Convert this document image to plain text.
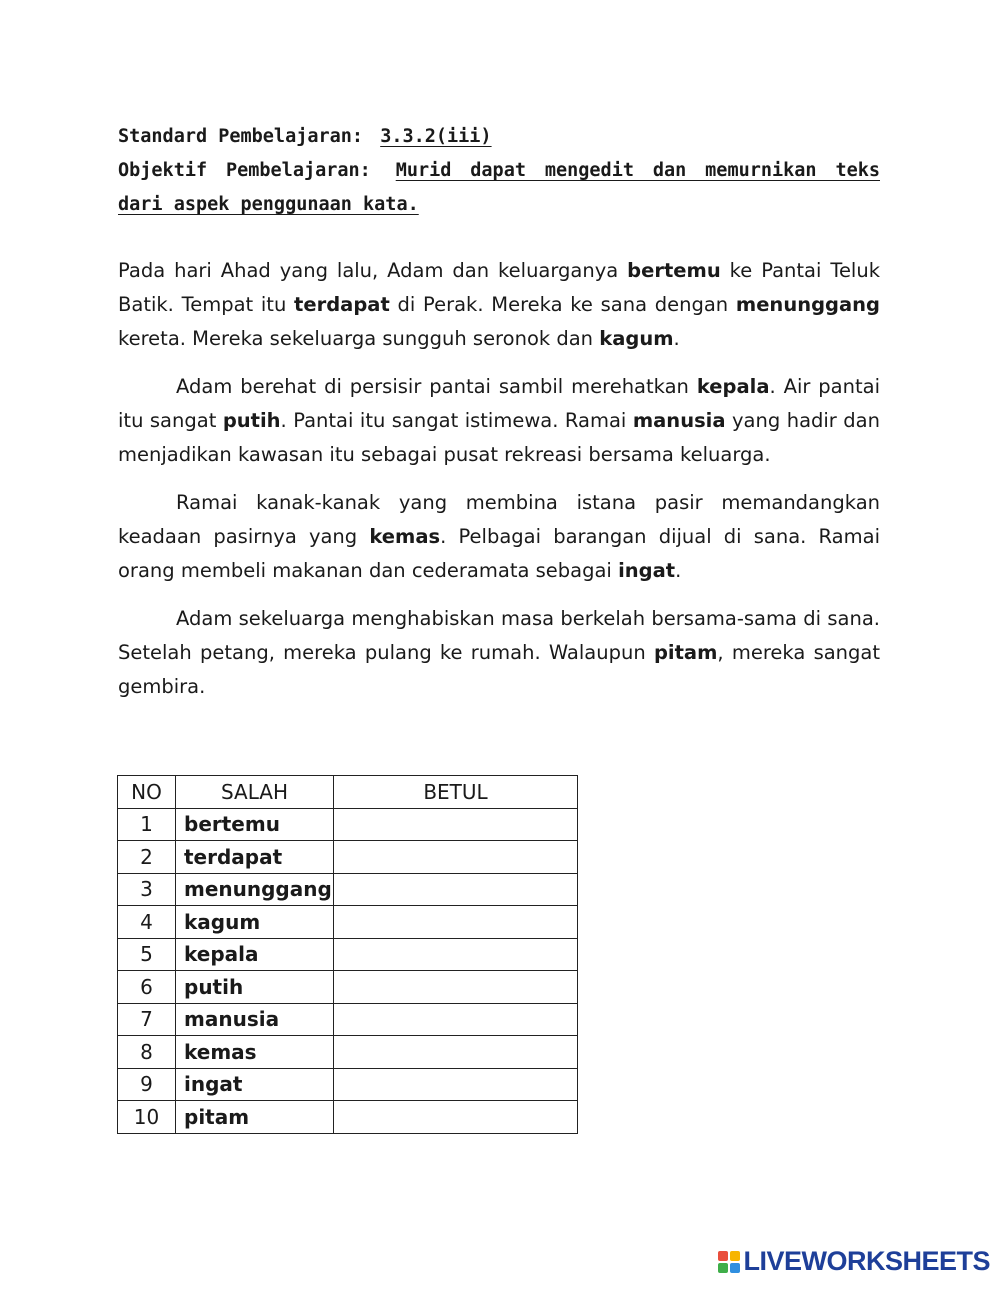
Standard Pembelajaran: 3.3.2(iii)
Objektif Pembelajaran: Murid dapat mengedit dan memurnikan teks dari aspek penggunaan kata.

Pada hari Ahad yang lalu, Adam dan keluarganya bertemu ke Pantai Teluk Batik. Tempat itu terdapat di Perak. Mereka ke sana dengan menunggang kereta. Mereka sekeluarga sungguh seronok dan kagum.

Adam berehat di persisir pantai sambil merehatkan kepala. Air pantai itu sangat putih. Pantai itu sangat istimewa. Ramai manusia yang hadir dan menjadikan kawasan itu sebagai pusat rekreasi bersama keluarga.

Ramai kanak-kanak yang membina istana pasir memandangkan keadaan pasirnya yang kemas. Pelbagai barangan dijual di sana. Ramai orang membeli makanan dan cederamata sebagai ingat.

Adam sekeluarga menghabiskan masa berkelah bersama-sama di sana. Setelah petang, mereka pulang ke rumah. Walaupun pitam, mereka sangat gembira.

NO	SALAH	BETUL
1	bertemu	
2	terdapat	
3	menunggang	
4	kagum	
5	kepala	
6	putih	
7	manusia	
8	kemas	
9	ingat	
10	pitam	
LIVEWORKSHEETS
